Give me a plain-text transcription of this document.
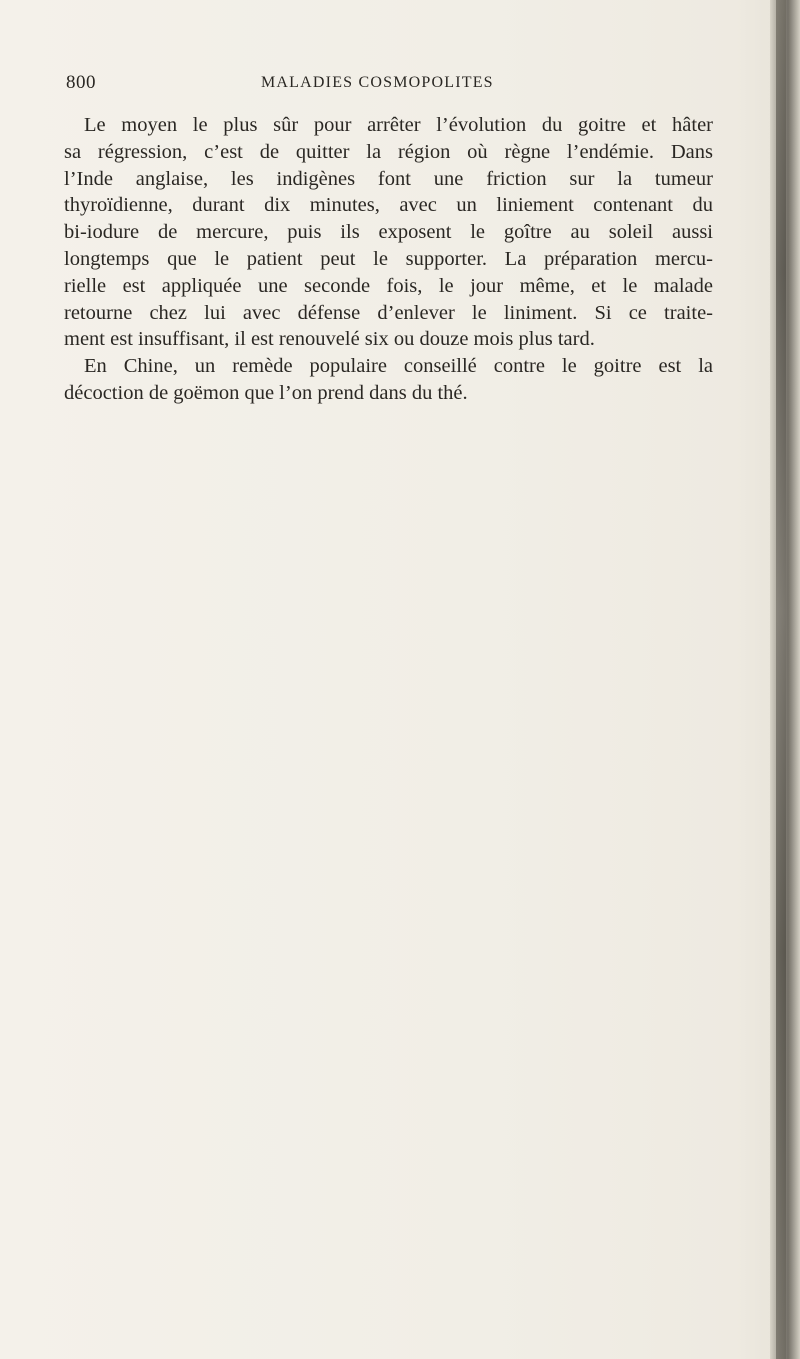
800	MALADIES COSMOPOLITES
Le moyen le plus sûr pour arrêter l’évolution du goitre et hâter
sa régression, c’est de quitter la région où règne l’endémie. Dans
l’Inde anglaise, les indigènes font une friction sur la tumeur
thyroïdienne, durant dix minutes, avec un liniement contenant du
bi-iodure de mercure, puis ils exposent le goître au soleil aussi
longtemps que le patient peut le supporter. La préparation mercu-
rielle est appliquée une seconde fois, le jour même, et le malade
retourne chez lui avec défense d’enlever le liniment. Si ce traite-
ment est insuffisant, il est renouvelé six ou douze mois plus tard.
En Chine, un remède populaire conseillé contre le goitre est la
décoction de goëmon que l’on prend dans du thé.
